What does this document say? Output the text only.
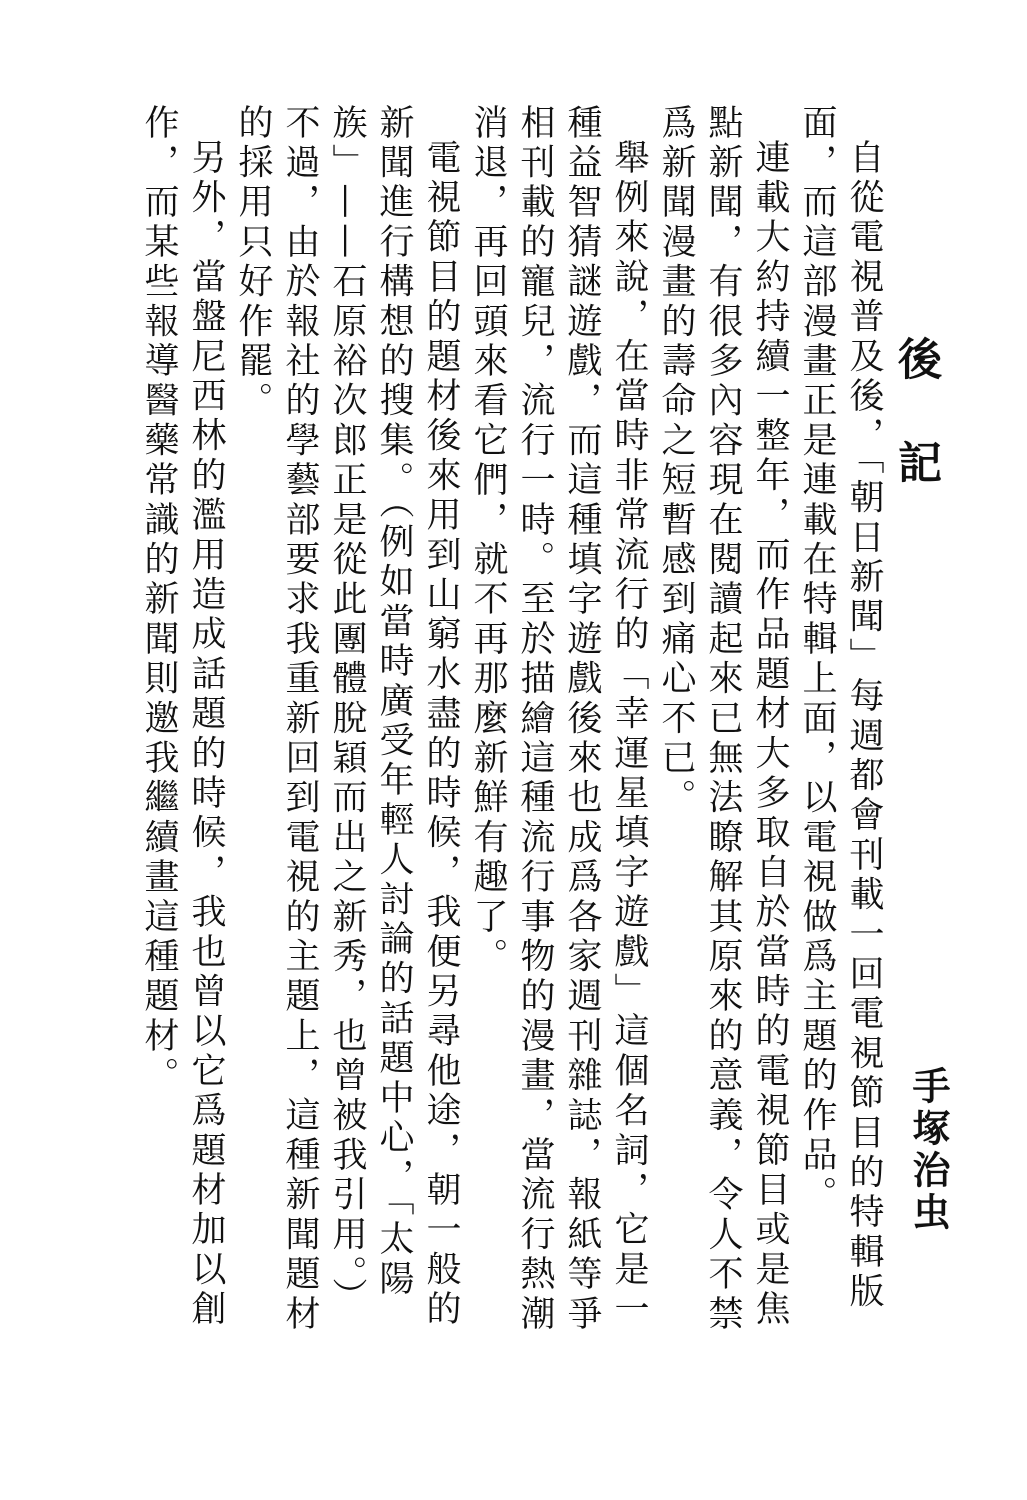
後 記
手塚治虫

自從電視普及後，「朝日新聞」每週都會刊載一回電視節目的特輯版面，而這部漫畫正是連載在特輯上面，以電視做爲主題的作品。

連載大約持續一整年，而作品題材大多取自於當時的電視節目或是焦點新聞，有很多內容現在閱讀起來已無法瞭解其原來的意義，令人不禁爲新聞漫畫的壽命之短暫感到痛心不已。

舉例來說，在當時非常流行的「幸運星填字遊戲」這個名詞，它是一種益智猜謎遊戲，而這種填字遊戲後來也成爲各家週刊雜誌，報紙等爭相刊載的寵兒，流行一時。至於描繪這種流行事物的漫畫，當流行熱潮消退，再回頭來看它們，就不再那麼新鮮有趣了。

電視節目的題材後來用到山窮水盡的時候，我便另尋他途，朝一般的新聞進行構想的搜集。（例如當時廣受年輕人討論的話題中心，「太陽族」——石原裕次郎正是從此團體脫穎而出之新秀，也曾被我引用。）不過，由於報社的學藝部要求我重新回到電視的主題上，這種新聞題材的採用只好作罷。

另外，當盤尼西林的濫用造成話題的時候，我也曾以它爲題材加以創作，而某些報導醫藥常識的新聞則邀我繼續畫這種題材。
